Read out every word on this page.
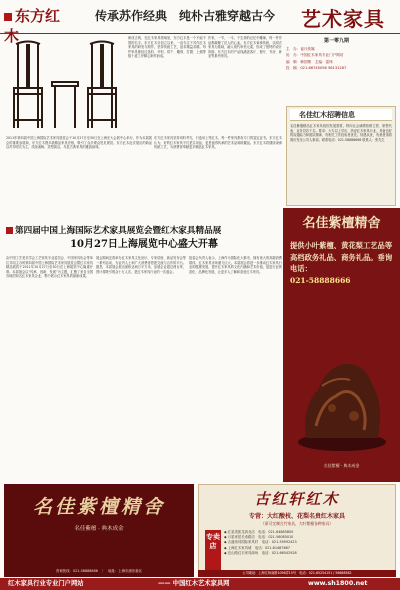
东方红木
传承苏作经典　纯朴古雅穿越古今	艺术家具
第一零九期
主　办：崔氏传媒
协　办：中国红木家具专业门户网站
编　辑：韩国策　主编：雷炜
投　稿：021-66745056 56131287
名佳红木招聘信息
名佳紫檀精品红木家具现因发展需要，特向社会诚聘营销主管、销售代表、业务员若干名。要求：大专以上学历，热爱红木家具行业，具备良好的沟通能力和团队精神，有相关工作经验者优先。待遇从优，有意者请将简历发至公司人事部。联系电话：021-58888666 联系人：张先生
名佳紫檀精舍
提供小叶紫檀、黄花梨工艺品等高档政务礼品、商务礼品。垂询电话：
021-58888666
名佳紫檀 · 典木成金
研成古典，在红木家具领域里，东方红木是一个不能不提的名字。东方红木自创立以来，一直专注于苏作红木家具的研发与制作，坚持传统工艺，追求精益求精。每件家具都经过选料、开料、烘干、雕刻、打磨、上蜡等数十道工序精心制作而成。
作家，一节，一木，于生命的记忆中雕琢，每一件作品都凝聚了匠人的心血。东方红木秉承传统，以明式家具为基础，融入现代审美元素，形成了独特的设计风格。东方红木的产品线涵盖客厅、餐厅、书房、卧室等系列家具。
2011年第四届中国上海国际艺术家具展览会于10月27日至30日在上海光大会展中心举行。作为本届展会的重要参展商，东方红木携多款精品家具亮相，吸引了众多观众驻足观赏。东方红木此次展出的新品以苏作明式为主，线条流畅，造型简洁，尽显古典家具的雅致韵味。
东方红木家具坚持用料考究，只选用上等红木，每一件家具都有专门的鉴定证书。东方红木认为，好的红木家具不仅是实用品，更是值得传承的艺术品和收藏品。东方红木将继续秉承传统工艺，为消费者奉献更多精品红木家具。
第四届中国上海国际艺术家具展览会暨红木家具精品展
10月27日上海展览中心盛大开幕
由中国工艺美术学会工艺家具专业委员会、中国家具协会等单位共同主办的第四届中国上海国际艺术家具展览会暨红木家具精品展将于2011年10月27日至30日在上海展览中心隆重开幕。本届展会以“传承、创新、发展”为主题，汇聚了来自全国各地的知名红木家具企业，集中展示红木家具的最新成果。
展会期间还将举办红木家具文化论坛、专家讲座、新品发布会等一系列活动，为业内人士和广大消费者搭建交流与合作的平台。据悉，本届展会展出面积达两万平方米，参展企业超过两百家，预计将吸引观众十万人次，是红木家具行业的一次盛会。
组委会负责人表示，上海作为国际化大都市，拥有庞大的高端消费群体，红木家具市场潜力巨大。本届展会将进一步推动红木家具行业的健康发展，提升红木家具的文化内涵和艺术价值，促进行业规范化、品牌化发展，让更多人了解和喜爱红木家具。
名佳紫檀精舍
名佳紫檀 · 典木成金
咨询热线：021-58888666　｜　地址：上海市浦东新区
古红轩红木
专营：大红酸枝、花梨名贵红木家具
（原可定制合竹家具，大叶紫檀各种家具）
专卖店
◆ 红星美凯龙真北店　电话：021-64885800
◆ 月星家居长寿路店　电话：021-56085010
◆ 吉盛伟邦国际家具村　电话：021-59592423
◆ 上海红木家具城　电话：021-61487667
◆ 宜山路红木家具商场　电话：021-66542928
公司地址：上海江杨南路1098弄15号　电话：021-65254151 / 56688582
红木家具行业专业门户网站	—— 中国红木艺术家具网	www.sh1800.net
